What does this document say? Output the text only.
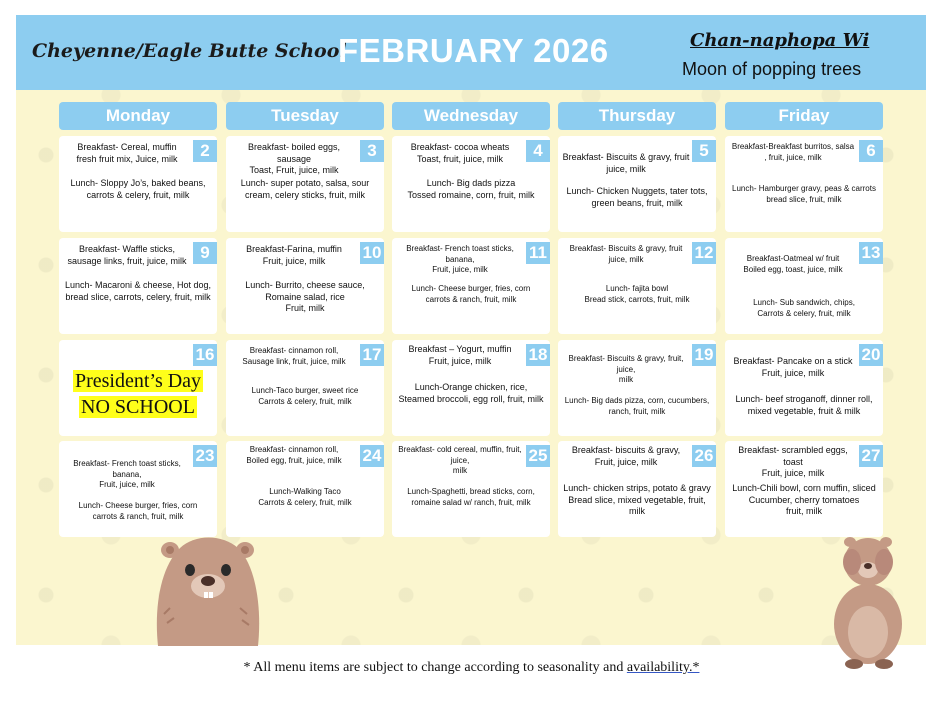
Cheyenne/Eagle Butte School
FEBRUARY 2026	Chan-naphopa Wi
Moon of popping trees
Monday	Tuesday	Wednesday	Thursday	Friday
2
Breakfast- Cereal, muffin
fresh fruit mix, Juice, milk
Lunch- Sloppy Jo’s, baked beans,
carrots & celery, fruit, milk
3
Breakfast- boiled eggs, sausage
Toast, Fruit, juice, milk
Lunch- super potato, salsa, sour
cream, celery sticks, fruit, milk
4
Breakfast- cocoa wheats
Toast, fruit, juice, milk
Lunch- Big dads pizza
Tossed romaine, corn, fruit, milk
5
Breakfast- Biscuits & gravy, fruit
juice, milk
Lunch- Chicken Nuggets, tater tots,
green beans, fruit, milk
6
Breakfast-Breakfast burritos, salsa
, fruit, juice, milk
Lunch- Hamburger gravy, peas & carrots
bread slice, fruit, milk
9
Breakfast- Waffle sticks,
sausage links, fruit, juice, milk
Lunch- Macaroni & cheese, Hot dog,
bread slice, carrots, celery, fruit, milk
10
Breakfast-Farina, muffin
Fruit, juice, milk
Lunch- Burrito, cheese sauce,
Romaine salad, rice
Fruit, milk
11
Breakfast- French toast sticks, banana,
Fruit, juice, milk
Lunch- Cheese burger, fries, corn
carrots & ranch, fruit, milk
12
Breakfast- Biscuits & gravy, fruit
juice, milk
Lunch- fajita bowl
Bread stick, carrots, fruit, milk
13
Breakfast-Oatmeal w/ fruit
Boiled egg, toast, juice, milk
Lunch- Sub sandwich, chips,
Carrots & celery, fruit, milk
16
President’s Day
NO SCHOOL
17
Breakfast- cinnamon roll,
Sausage link, fruit, juice, milk
Lunch-Taco burger, sweet rice
Carrots & celery, fruit, milk
18
Breakfast – Yogurt, muffin
Fruit, juice, milk
Lunch-Orange chicken, rice,
Steamed broccoli, egg roll, fruit, milk
19
Breakfast- Biscuits & gravy, fruit, juice,
milk
Lunch- Big dads pizza, corn, cucumbers,
ranch, fruit, milk
20
Breakfast- Pancake on a stick
Fruit, juice, milk
Lunch- beef stroganoff, dinner roll,
mixed vegetable, fruit & milk
23
Breakfast- French toast sticks, banana,
Fruit, juice, milk
Lunch- Cheese burger, fries, corn
carrots & ranch, fruit, milk
24
Breakfast- cinnamon roll,
Boiled egg, fruit, juice, milk
Lunch-Walking Taco
Carrots & celery, fruit, milk
25
Breakfast- cold cereal, muffin, fruit, juice,
milk
Lunch-Spaghetti, bread sticks, corn,
romaine salad w/ ranch, fruit, milk
26
Breakfast- biscuits & gravy,
Fruit, juice, milk
Lunch- chicken strips, potato & gravy
Bread slice, mixed vegetable, fruit, milk
27
Breakfast- scrambled eggs, toast
Fruit, juice, milk
Lunch-Chili bowl, corn muffin, sliced
Cucumber, cherry tomatoes
fruit, milk
* All menu items are subject to change according to seasonality and availability.*
